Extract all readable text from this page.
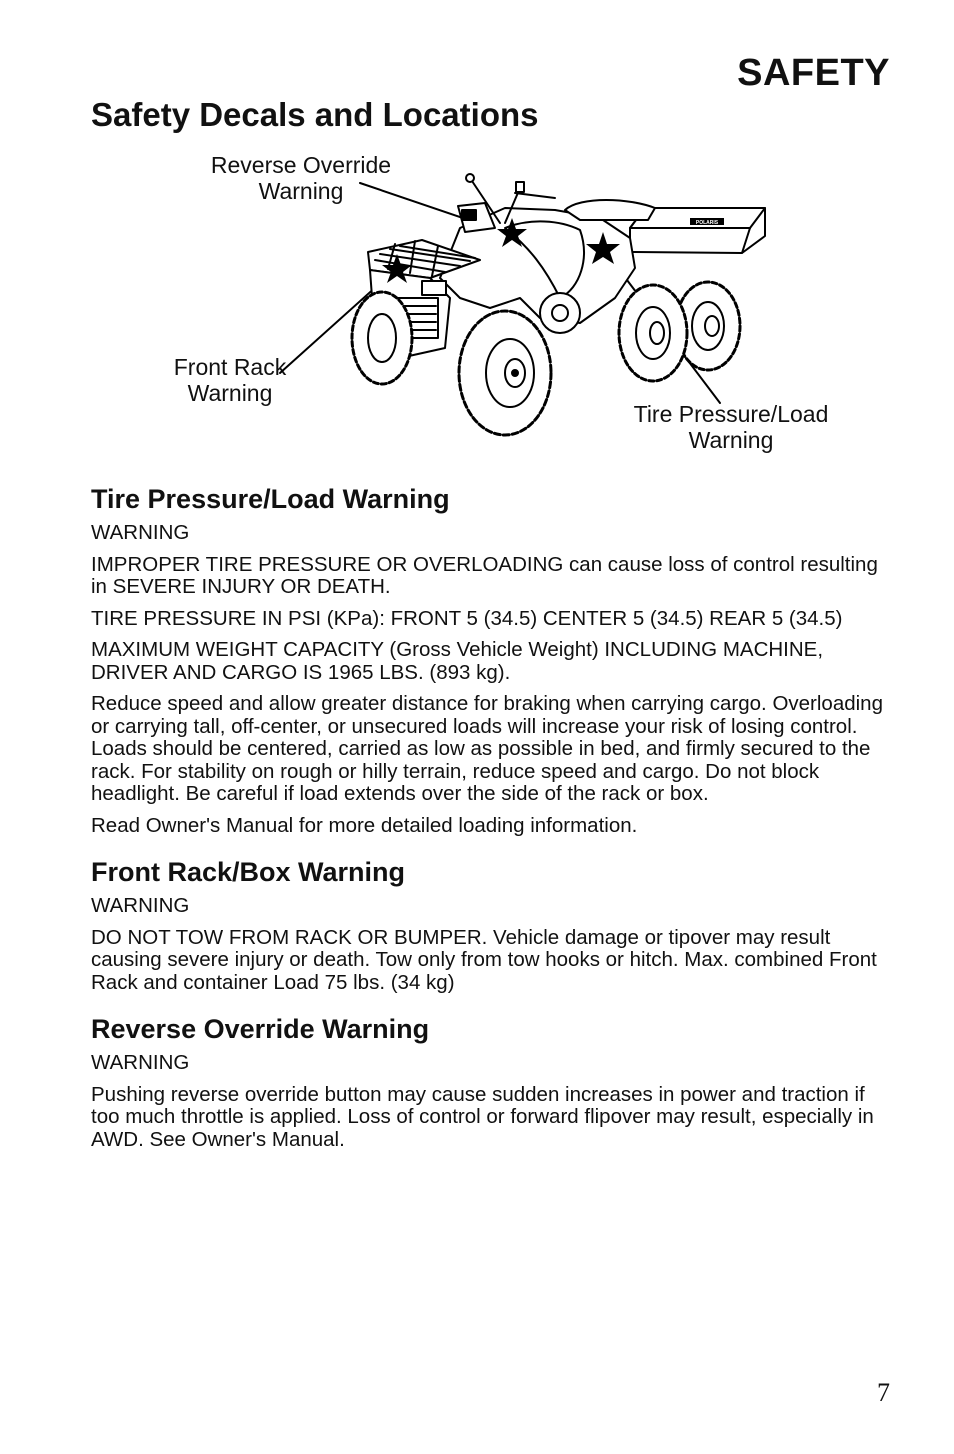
SAFETY
Safety Decals and Locations
Reverse Override
Warning
Front Rack
Warning
Tire Pressure/Load
Warning
POLARIS
Tire Pressure/Load Warning

WARNING

IMPROPER TIRE PRESSURE OR OVERLOADING can cause loss of control resulting in SEVERE INJURY OR DEATH.

TIRE PRESSURE IN PSI (KPa): FRONT 5 (34.5) CENTER 5 (34.5) REAR 5 (34.5)

MAXIMUM WEIGHT CAPACITY (Gross Vehicle Weight) INCLUDING MACHINE, DRIVER AND CARGO IS 1965 LBS. (893 kg).

Reduce speed and allow greater distance for braking when carrying cargo. Overloading or carrying tall, off-center, or unsecured loads will increase your risk of losing control. Loads should be centered, carried as low as possible in bed, and firmly secured to the rack. For stability on rough or hilly terrain, reduce speed and cargo. Do not block headlight. Be careful if load extends over the side of the rack or box.

Read Owner's Manual for more detailed loading information.

Front Rack/Box Warning

WARNING

DO NOT TOW FROM RACK OR BUMPER. Vehicle damage or tipover may result causing severe injury or death. Tow only from tow hooks or hitch. Max. combined Front Rack and container Load 75 lbs. (34 kg)

Reverse Override Warning

WARNING

Pushing reverse override button may cause sudden increases in power and traction if too much throttle is applied. Loss of control or forward flipover may result, especially in AWD. See Owner's Manual.

7
